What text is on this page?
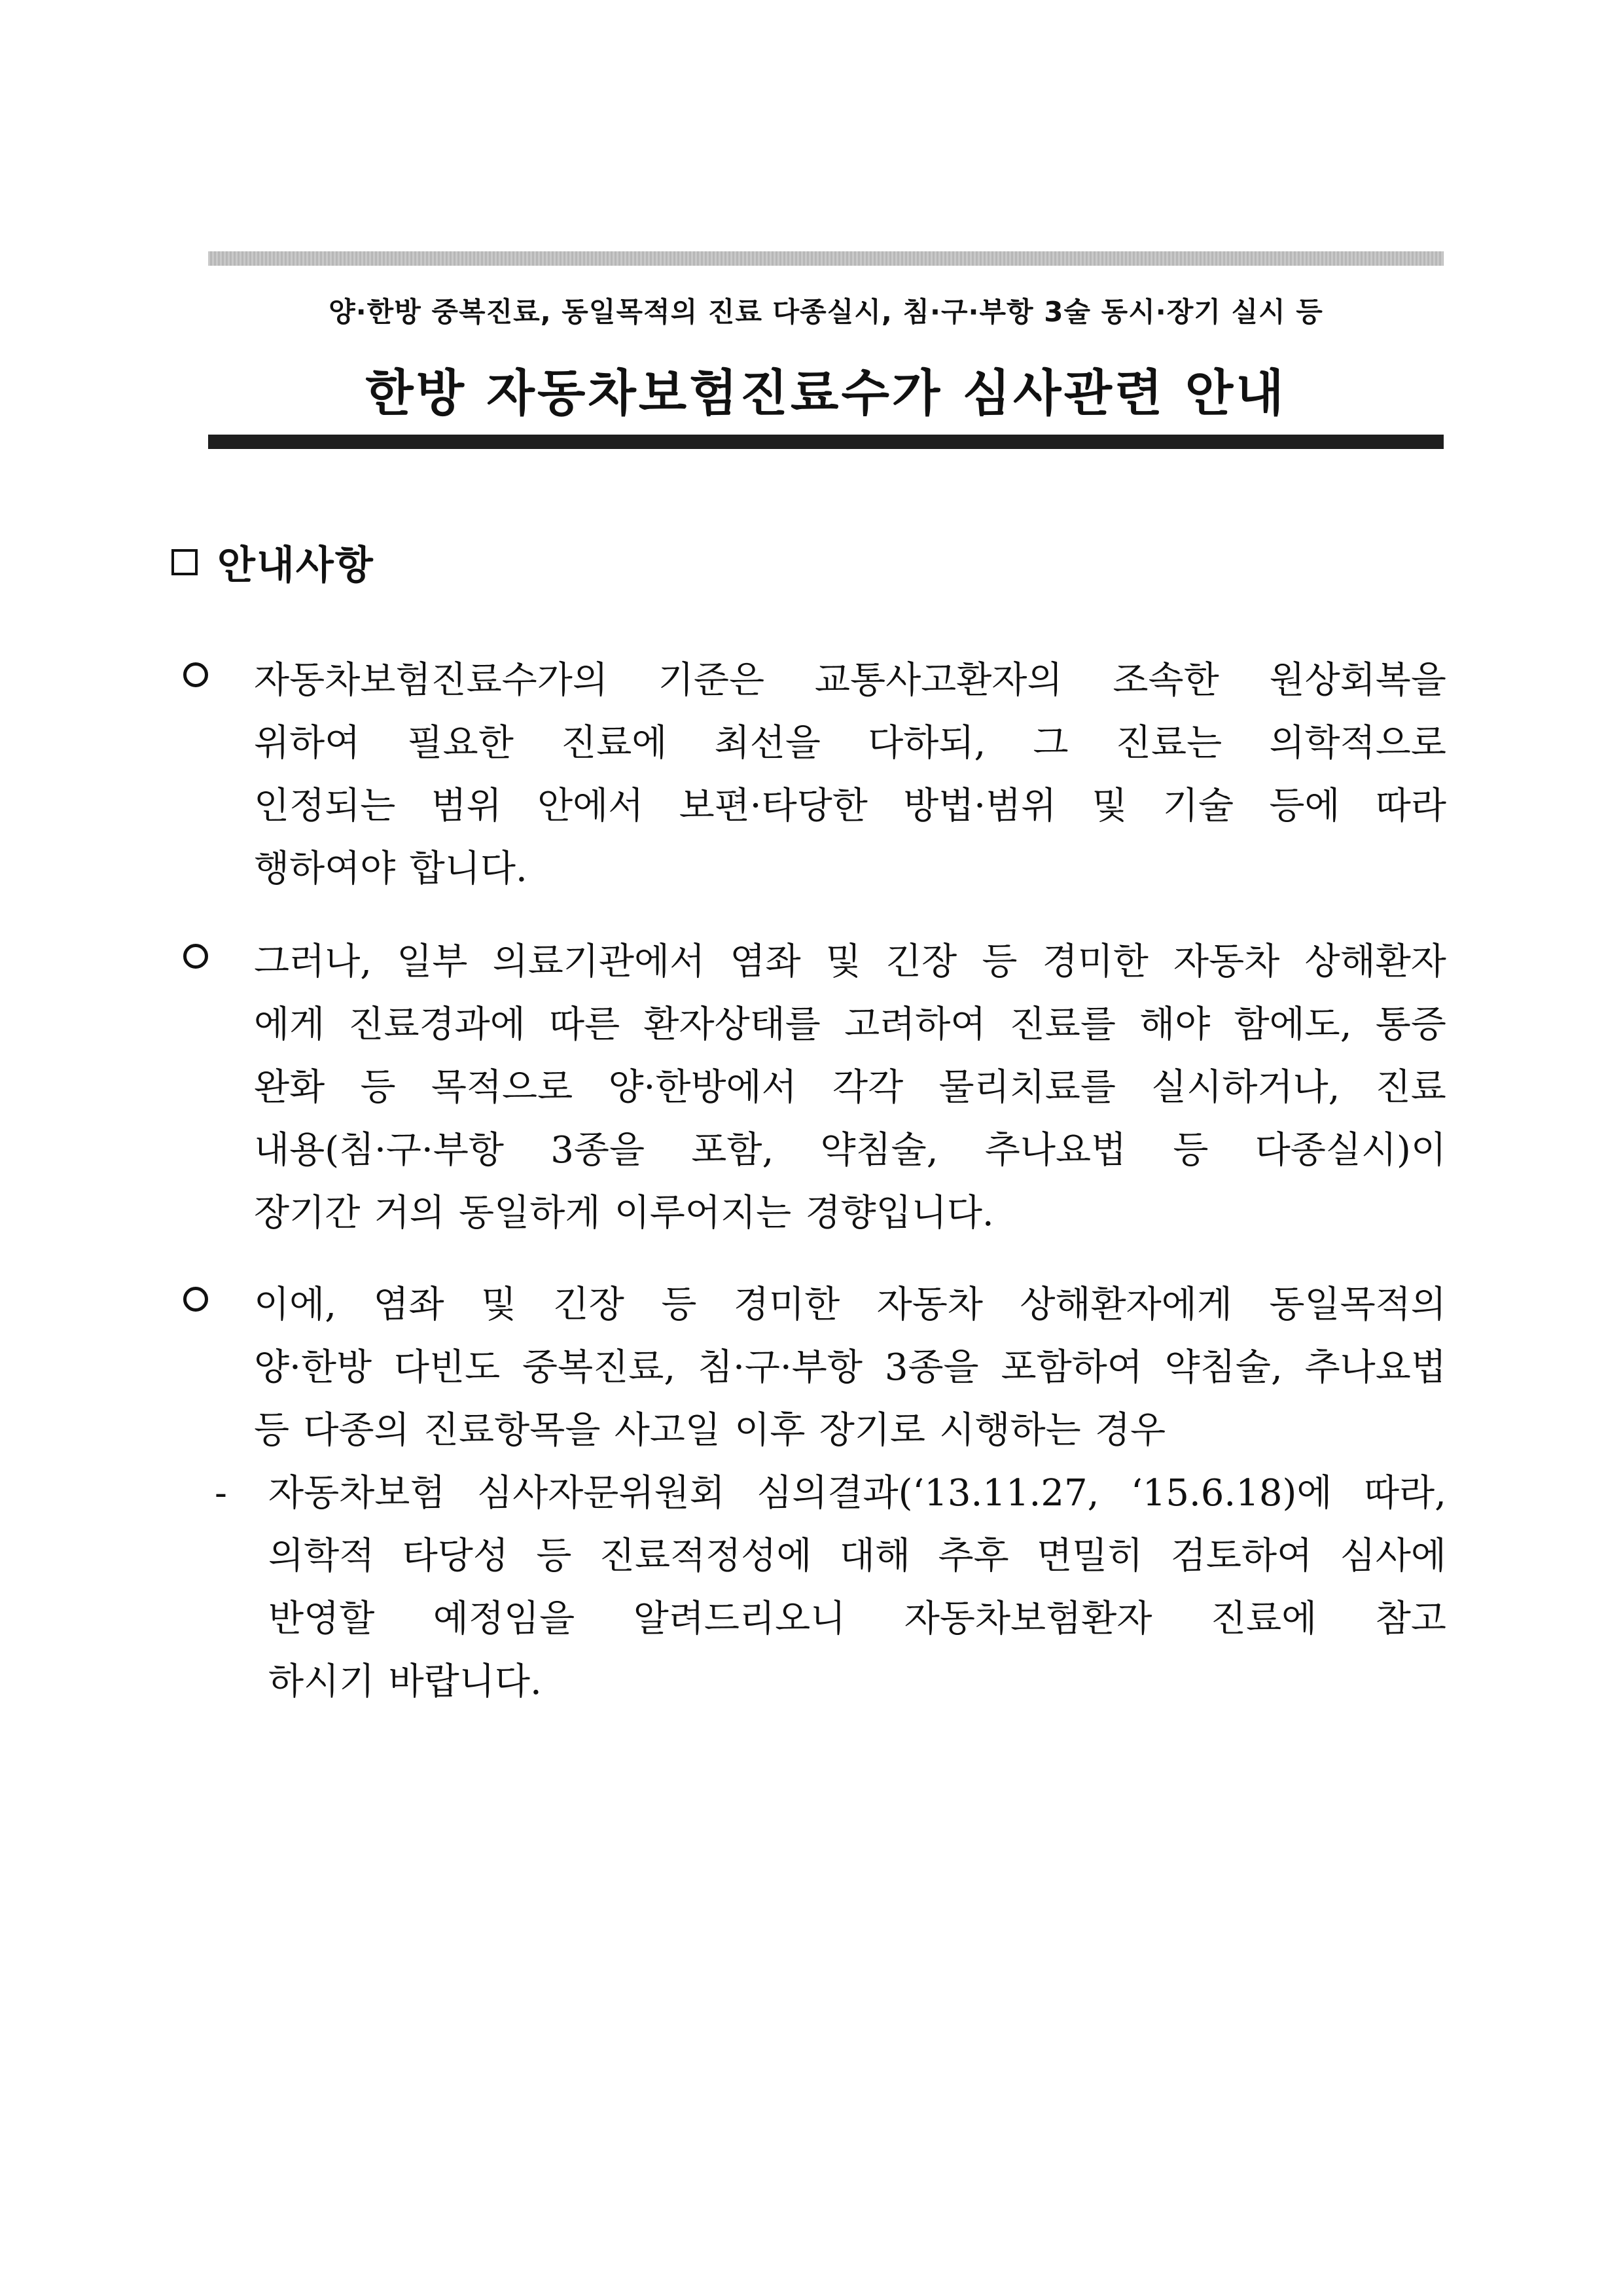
양·한방 중복진료, 동일목적의 진료 다종실시, 침·구·부항 3술 동시·장기 실시 등
한방 자동차보험진료수가 심사관련 안내
안내사항
자동차보험진료수가의 기준은 교통사고환자의 조속한 원상회복을
위하여 필요한 진료에 최선을 다하되, 그 진료는 의학적으로
인정되는 범위 안에서 보편·타당한 방법·범위 및 기술 등에 따라
행하여야 합니다.
그러나, 일부 의료기관에서 염좌 및 긴장 등 경미한 자동차 상해환자
에게 진료경과에 따른 환자상태를 고려하여 진료를 해야 함에도, 통증
완화 등 목적으로 양·한방에서 각각 물리치료를 실시하거나, 진료
내용(침·구·부항 3종을 포함, 약침술, 추나요법 등 다종실시)이
장기간 거의 동일하게 이루어지는 경향입니다.
이에, 염좌 및 긴장 등 경미한 자동차 상해환자에게 동일목적의
양·한방 다빈도 중복진료, 침·구·부항 3종을 포함하여 약침술, 추나요법
등 다종의 진료항목을 사고일 이후 장기로 시행하는 경우
- 자동차보험 심사자문위원회 심의결과(‘13.11.27, ‘15.6.18)에 따라,
의학적 타당성 등 진료적정성에 대해 추후 면밀히 검토하여 심사에
반영할 예정임을 알려드리오니 자동차보험환자 진료에 참고
하시기 바랍니다.
